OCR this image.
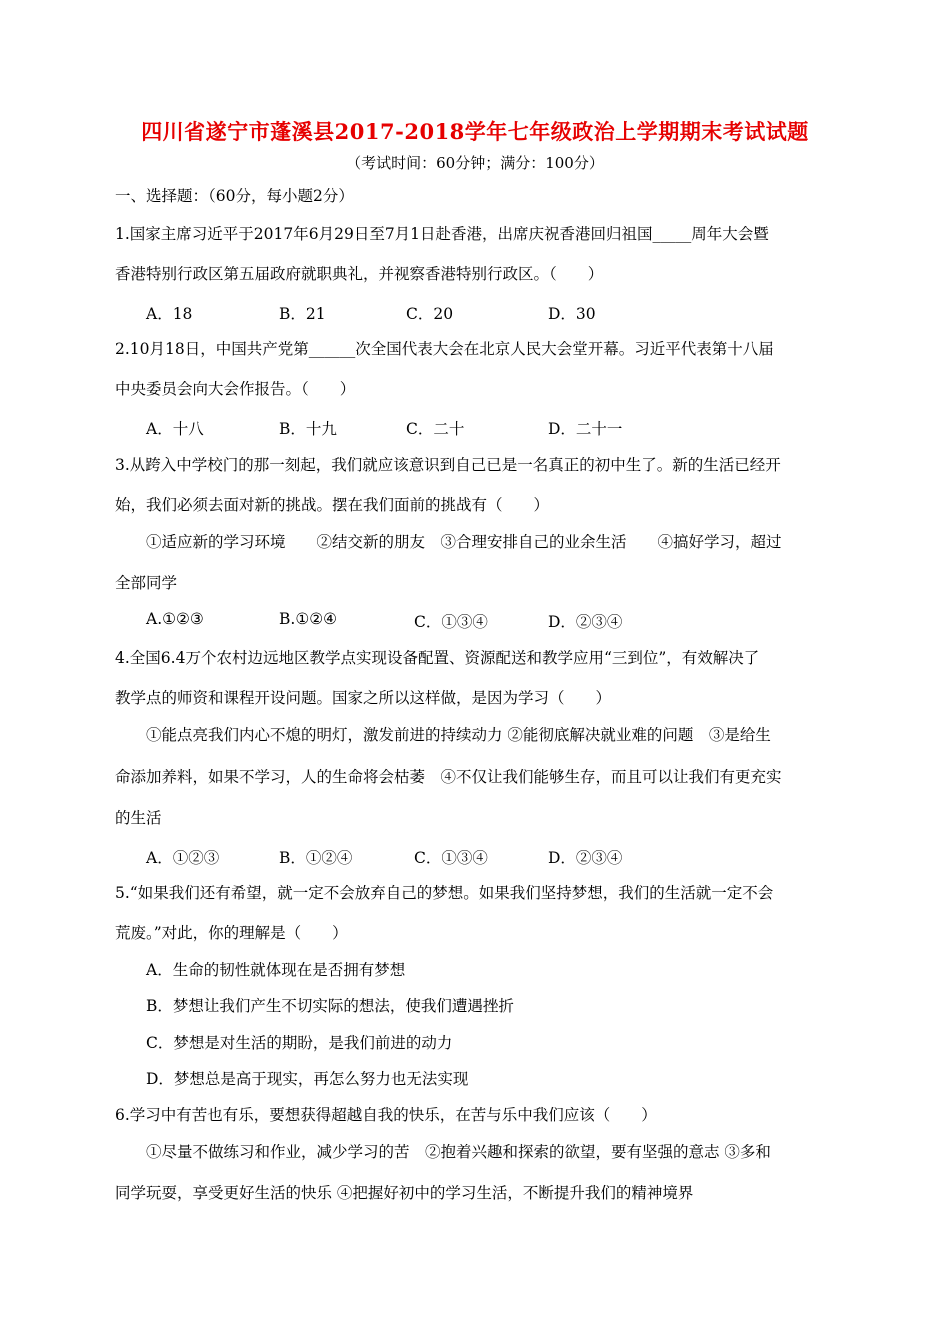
四川省遂宁市蓬溪县2017-2018学年七年级政治上学期期末考试试题
（考试时间：60分钟；满分：100分）
一、选择题：（60分，每小题2分）
1.国家主席习近平于2017年6月29日至7月1日赴香港，出席庆祝香港回归祖国_____周年大会暨
香港特别行政区第五届政府就职典礼，并视察香港特别行政区。（　　）
A．18	B．21	C．20	D．30
2.10月18日，中国共产党第______次全国代表大会在北京人民大会堂开幕。习近平代表第十八届
中央委员会向大会作报告。（　　）
A．十八	B．十九	C．二十	D．二十一
3.从跨入中学校门的那一刻起，我们就应该意识到自己已是一名真正的初中生了。新的生活已经开
始，我们必须去面对新的挑战。摆在我们面前的挑战有（　　）
①适应新的学习环境　　②结交新的朋友　③合理安排自己的业余生活　　④搞好学习，超过
全部同学
A.①②③	B.①②④	C．①③④	D．②③④
4.全国6.4万个农村边远地区教学点实现设备配置、资源配送和教学应用“三到位”，有效解决了
教学点的师资和课程开设问题。国家之所以这样做，是因为学习（　　）
①能点亮我们内心不熄的明灯，激发前进的持续动力 ②能彻底解决就业难的问题　③是给生
命添加养料，如果不学习，人的生命将会枯萎　④不仅让我们能够生存，而且可以让我们有更充实
的生活
A．①②③	B．①②④	C．①③④	D．②③④
5.“如果我们还有希望，就一定不会放弃自己的梦想。如果我们坚持梦想，我们的生活就一定不会
荒废。”对此，你的理解是（　　）
A．生命的韧性就体现在是否拥有梦想
B．梦想让我们产生不切实际的想法，使我们遭遇挫折
C．梦想是对生活的期盼，是我们前进的动力
D．梦想总是高于现实，再怎么努力也无法实现
6.学习中有苦也有乐，要想获得超越自我的快乐，在苦与乐中我们应该（　　）
①尽量不做练习和作业，减少学习的苦　②抱着兴趣和探索的欲望，要有坚强的意志 ③多和
同学玩耍，享受更好生活的快乐 ④把握好初中的学习生活，不断提升我们的精神境界
